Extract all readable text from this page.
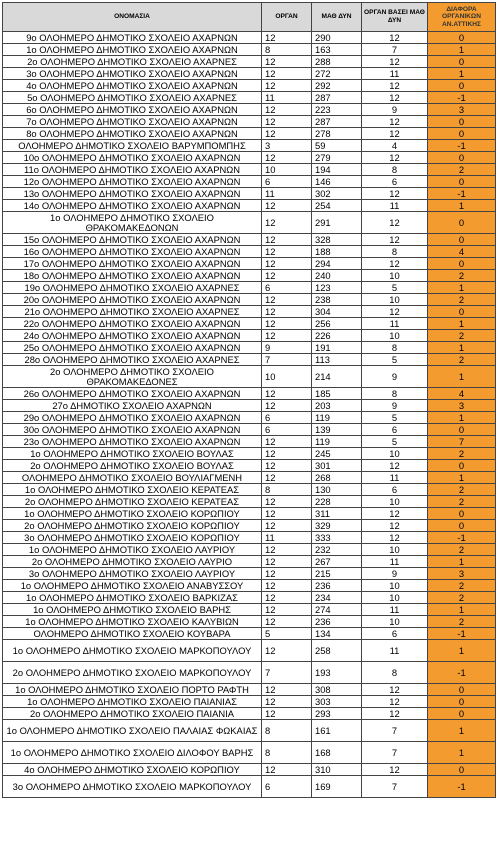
ΟΝΟΜΑΣΙΑ	ΟΡΓΑΝ	ΜΑΘ ΔΥΝ	ΟΡΓΑΝ ΒΑΣΕΙ ΜΑΘ ΔΥΝ	ΔΙΑΦΟΡΑ ΟΡΓΑΝΙΚΩΝ ΑΝ.ΑΤΤΙΚΗΣ
9ο ΟΛΟΗΜΕΡΟ ΔΗΜΟΤΙΚΟ ΣΧΟΛΕΙΟ ΑΧΑΡΝΩΝ	12	290	12	0
1ο ΟΛΟΗΜΕΡΟ ΔΗΜΟΤΙΚΟ ΣΧΟΛΕΙΟ ΑΧΑΡΝΩΝ	8	163	7	1
2ο ΟΛΟΗΜΕΡΟ ΔΗΜΟΤΙΚΟ ΣΧΟΛΕΙΟ ΑΧΑΡΝΕΣ	12	288	12	0
3ο ΟΛΟΗΜΕΡΟ ΔΗΜΟΤΙΚΟ ΣΧΟΛΕΙΟ ΑΧΑΡΝΩΝ	12	272	11	1
4ο ΟΛΟΗΜΕΡΟ ΔΗΜΟΤΙΚΟ ΣΧΟΛΕΙΟ ΑΧΑΡΝΩΝ	12	292	12	0
5ο ΟΛΟΗΜΕΡΟ ΔΗΜΟΤΙΚΟ ΣΧΟΛΕΙΟ ΑΧΑΡΝΕΣ	11	287	12	-1
6ο ΟΛΟΗΜΕΡΟ ΔΗΜΟΤΙΚΟ ΣΧΟΛΕΙΟ ΑΧΑΡΝΩΝ	12	223	9	3
7ο ΟΛΟΗΜΕΡΟ ΔΗΜΟΤΙΚΟ ΣΧΟΛΕΙΟ ΑΧΑΡΝΩΝ	12	287	12	0
8ο ΟΛΟΗΜΕΡΟ ΔΗΜΟΤΙΚΟ ΣΧΟΛΕΙΟ ΑΧΑΡΝΩΝ	12	278	12	0
ΟΛΟΗΜΕΡΟ ΔΗΜΟΤΙΚΟ ΣΧΟΛΕΙΟ ΒΑΡΥΜΠΟΜΠΗΣ	3	59	4	-1
10ο ΟΛΟΗΜΕΡΟ ΔΗΜΟΤΙΚΟ ΣΧΟΛΕΙΟ ΑΧΑΡΝΩΝ	12	279	12	0
11ο ΟΛΟΗΜΕΡΟ ΔΗΜΟΤΙΚΟ ΣΧΟΛΕΙΟ ΑΧΑΡΝΩΝ	10	194	8	2
12ο ΟΛΟΗΜΕΡΟ ΔΗΜΟΤΙΚΟ ΣΧΟΛΕΙΟ ΑΧΑΡΝΩΝ	6	146	6	0
13ο ΟΛΟΗΜΕΡΟ ΔΗΜΟΤΙΚΟ ΣΧΟΛΕΙΟ ΑΧΑΡΝΩΝ	11	302	12	-1
14ο ΟΛΟΗΜΕΡΟ ΔΗΜΟΤΙΚΟ ΣΧΟΛΕΙΟ ΑΧΑΡΝΩΝ	12	254	11	1
1ο ΟΛΟΗΜΕΡΟ ΔΗΜΟΤΙΚΟ ΣΧΟΛΕΙΟ ΘΡΑΚΟΜΑΚΕΔΟΝΩΝ	12	291	12	0
15ο ΟΛΟΗΜΕΡΟ ΔΗΜΟΤΙΚΟ ΣΧΟΛΕΙΟ ΑΧΑΡΝΩΝ	12	328	12	0
16ο ΟΛΟΗΜΕΡΟ ΔΗΜΟΤΙΚΟ ΣΧΟΛΕΙΟ ΑΧΑΡΝΩΝ	12	188	8	4
17ο ΟΛΟΗΜΕΡΟ ΔΗΜΟΤΙΚΟ ΣΧΟΛΕΙΟ ΑΧΑΡΝΩΝ	12	294	12	0
18ο ΟΛΟΗΜΕΡΟ ΔΗΜΟΤΙΚΟ ΣΧΟΛΕΙΟ ΑΧΑΡΝΩΝ	12	240	10	2
19ο ΟΛΟΗΜΕΡΟ ΔΗΜΟΤΙΚΟ ΣΧΟΛΕΙΟ ΑΧΑΡΝΕΣ	6	123	5	1
20ο ΟΛΟΗΜΕΡΟ ΔΗΜΟΤΙΚΟ ΣΧΟΛΕΙΟ ΑΧΑΡΝΩΝ	12	238	10	2
21ο ΟΛΟΗΜΕΡΟ ΔΗΜΟΤΙΚΟ ΣΧΟΛΕΙΟ ΑΧΑΡΝΕΣ	12	304	12	0
22ο ΟΛΟΗΜΕΡΟ ΔΗΜΟΤΙΚΟ ΣΧΟΛΕΙΟ ΑΧΑΡΝΩΝ	12	256	11	1
24ο ΟΛΟΗΜΕΡΟ ΔΗΜΟΤΙΚΟ ΣΧΟΛΕΙΟ ΑΧΑΡΝΩΝ	12	226	10	2
25ο ΟΛΟΗΜΕΡΟ ΔΗΜΟΤΙΚΟ ΣΧΟΛΕΙΟ ΑΧΑΡΝΩΝ	9	191	8	1
28ο ΟΛΟΗΜΕΡΟ ΔΗΜΟΤΙΚΟ ΣΧΟΛΕΙΟ ΑΧΑΡΝΕΣ	7	113	5	2
2ο ΟΛΟΗΜΕΡΟ ΔΗΜΟΤΙΚΟ ΣΧΟΛΕΙΟ ΘΡΑΚΟΜΑΚΕΔΟΝΕΣ	10	214	9	1
26ο ΟΛΟΗΜΕΡΟ ΔΗΜΟΤΙΚΟ ΣΧΟΛΕΙΟ ΑΧΑΡΝΩΝ	12	185	8	4
27ο ΔΗΜΟΤΙΚΟ ΣΧΟΛΕΙΟ ΑΧΑΡΝΩΝ	12	203	9	3
29ο ΟΛΟΗΜΕΡΟ ΔΗΜΟΤΙΚΟ ΣΧΟΛΕΙΟ ΑΧΑΡΝΩΝ	6	119	5	1
30ο ΟΛΟΗΜΕΡΟ ΔΗΜΟΤΙΚΟ ΣΧΟΛΕΙΟ ΑΧΑΡΝΩΝ	6	139	6	0
23ο ΟΛΟΗΜΕΡΟ ΔΗΜΟΤΙΚΟ ΣΧΟΛΕΙΟ ΑΧΑΡΝΩΝ	12	119	5	7
1ο ΟΛΟΗΜΕΡΟ ΔΗΜΟΤΙΚΟ ΣΧΟΛΕΙΟ ΒΟΥΛΑΣ	12	245	10	2
2ο ΟΛΟΗΜΕΡΟ ΔΗΜΟΤΙΚΟ ΣΧΟΛΕΙΟ ΒΟΥΛΑΣ	12	301	12	0
ΟΛΟΗΜΕΡΟ ΔΗΜΟΤΙΚΟ ΣΧΟΛΕΙΟ ΒΟΥΛΙΑΓΜΕΝΗ	12	268	11	1
1ο ΟΛΟΗΜΕΡΟ ΔΗΜΟΤΙΚΟ ΣΧΟΛΕΙΟ ΚΕΡΑΤΕΑΣ	8	130	6	2
2ο ΟΛΟΗΜΕΡΟ ΔΗΜΟΤΙΚΟ ΣΧΟΛΕΙΟ ΚΕΡΑΤΕΑΣ	12	228	10	2
1ο ΟΛΟΗΜΕΡΟ ΔΗΜΟΤΙΚΟ ΣΧΟΛΕΙΟ ΚΟΡΩΠΙΟΥ	12	311	12	0
2ο ΟΛΟΗΜΕΡΟ ΔΗΜΟΤΙΚΟ ΣΧΟΛΕΙΟ ΚΟΡΩΠΙΟΥ	12	329	12	0
3ο ΟΛΟΗΜΕΡΟ ΔΗΜΟΤΙΚΟ ΣΧΟΛΕΙΟ ΚΟΡΩΠΙΟΥ	11	333	12	-1
1ο ΟΛΟΗΜΕΡΟ ΔΗΜΟΤΙΚΟ ΣΧΟΛΕΙΟ ΛΑΥΡΙΟΥ	12	232	10	2
2ο ΟΛΟΗΜΕΡΟ ΔΗΜΟΤΙΚΟ ΣΧΟΛΕΙΟ ΛΑΥΡΙΟ	12	267	11	1
3ο ΟΛΟΗΜΕΡΟ ΔΗΜΟΤΙΚΟ ΣΧΟΛΕΙΟ ΛΑΥΡΙΟΥ	12	215	9	3
1ο ΟΛΟΗΜΕΡΟ ΔΗΜΟΤΙΚΟ ΣΧΟΛΕΙΟ ΑΝΑΒΥΣΣΟΥ	12	236	10	2
1ο ΟΛΟΗΜΕΡΟ ΔΗΜΟΤΙΚΟ ΣΧΟΛΕΙΟ ΒΑΡΚΙΖΑΣ	12	234	10	2
1ο ΟΛΟΗΜΕΡΟ ΔΗΜΟΤΙΚΟ ΣΧΟΛΕΙΟ ΒΑΡΗΣ	12	274	11	1
1ο ΟΛΟΗΜΕΡΟ ΔΗΜΟΤΙΚΟ ΣΧΟΛΕΙΟ ΚΑΛΥΒΙΩΝ	12	236	10	2
ΟΛΟΗΜΕΡΟ ΔΗΜΟΤΙΚΟ ΣΧΟΛΕΙΟ ΚΟΥΒΑΡΑ	5	134	6	-1
1ο ΟΛΟΗΜΕΡΟ ΔΗΜΟΤΙΚΟ ΣΧΟΛΕΙΟ ΜΑΡΚΟΠΟΥΛΟΥ	12	258	11	1
2ο ΟΛΟΗΜΕΡΟ ΔΗΜΟΤΙΚΟ ΣΧΟΛΕΙΟ ΜΑΡΚΟΠΟΥΛΟΥ	7	193	8	-1
1ο ΟΛΟΗΜΕΡΟ ΔΗΜΟΤΙΚΟ ΣΧΟΛΕΙΟ ΠΟΡΤΟ ΡΑΦΤΗ	12	308	12	0
1ο ΟΛΟΗΜΕΡΟ ΔΗΜΟΤΙΚΟ ΣΧΟΛΕΙΟ ΠΑΙΑΝΙΑΣ	12	303	12	0
2ο ΟΛΟΗΜΕΡΟ ΔΗΜΟΤΙΚΟ ΣΧΟΛΕΙΟ ΠΑΙΑΝΙΑ	12	293	12	0
1ο ΟΛΟΗΜΕΡΟ ΔΗΜΟΤΙΚΟ ΣΧΟΛΕΙΟ ΠΑΛΑΙΑΣ ΦΩΚΑΙΑΣ	8	161	7	1
1ο ΟΛΟΗΜΕΡΟ ΔΗΜΟΤΙΚΟ ΣΧΟΛΕΙΟ ΔΙΛΟΦΟΥ ΒΑΡΗΣ	8	168	7	1
4ο ΟΛΟΗΜΕΡΟ ΔΗΜΟΤΙΚΟ ΣΧΟΛΕΙΟ ΚΟΡΩΠΙΟΥ	12	310	12	0
3ο ΟΛΟΗΜΕΡΟ ΔΗΜΟΤΙΚΟ ΣΧΟΛΕΙΟ ΜΑΡΚΟΠΟΥΛΟΥ	6	169	7	-1
